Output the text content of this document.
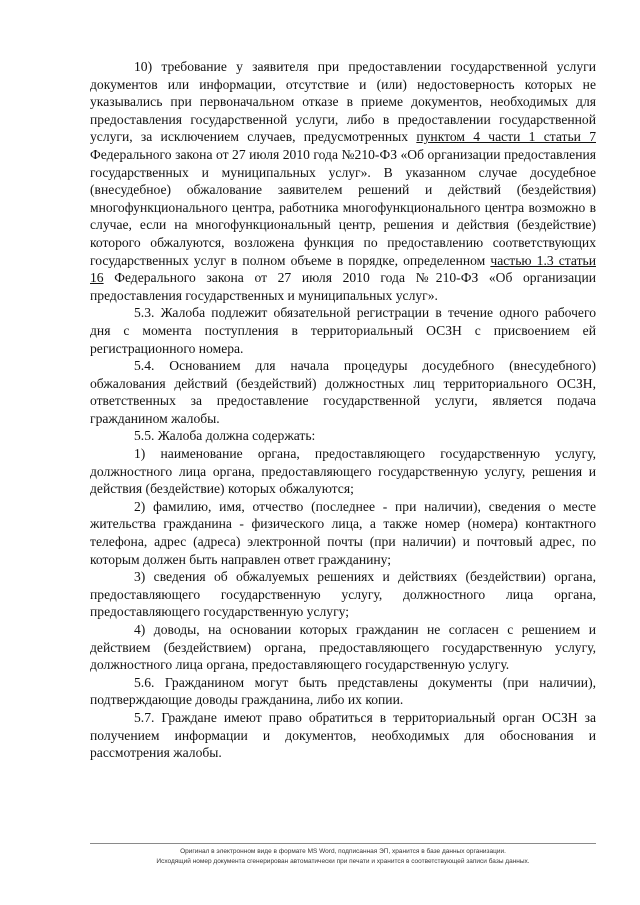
10) требование у заявителя при предоставлении государственной услуги документов или информации, отсутствие и (или) недостоверность которых не указывались при первоначальном отказе в приеме документов, необходимых для предоставления государственной услуги, либо в предоставлении государственной услуги, за исключением случаев, предусмотренных пунктом 4 части 1 статьи 7 Федерального закона от 27 июля 2010 года №210-ФЗ «Об организации предоставления государственных и муниципальных услуг». В указанном случае досудебное (внесудебное) обжалование заявителем решений и действий (бездействия) многофункционального центра, работника многофункционального центра возможно в случае, если на многофункциональный центр, решения и действия (бездействие) которого обжалуются, возложена функция по предоставлению соответствующих государственных услуг в полном объеме в порядке, определенном частью 1.3 статьи 16 Федерального закона от 27 июля 2010 года №210-ФЗ «Об организации предоставления государственных и муниципальных услуг».

5.3. Жалоба подлежит обязательной регистрации в течение одного рабочего дня с момента поступления в территориальный ОСЗН с присвоением ей регистрационного номера.

5.4. Основанием для начала процедуры досудебного (внесудебного) обжалования действий (бездействий) должностных лиц территориального ОСЗН, ответственных за предоставление государственной услуги, является подача гражданином жалобы.

5.5. Жалоба должна содержать:

1) наименование органа, предоставляющего государственную услугу, должностного лица органа, предоставляющего государственную услугу, решения и действия (бездействие) которых обжалуются;

2) фамилию, имя, отчество (последнее - при наличии), сведения о месте жительства гражданина - физического лица, а также номер (номера) контактного телефона, адрес (адреса) электронной почты (при наличии) и почтовый адрес, по которым должен быть направлен ответ гражданину;

3) сведения об обжалуемых решениях и действиях (бездействии) органа, предоставляющего государственную услугу, должностного лица органа, предоставляющего государственную услугу;

4) доводы, на основании которых гражданин не согласен с решением и действием (бездействием) органа, предоставляющего государственную услугу, должностного лица органа, предоставляющего государственную услугу.

5.6. Гражданином могут быть представлены документы (при наличии), подтверждающие доводы гражданина, либо их копии.

5.7. Граждане имеют право обратиться в территориальный орган ОСЗН за получением информации и документов, необходимых для обоснования и рассмотрения жалобы.

Оригинал в электронном виде в формате MS Word, подписанная ЭП, хранится в базе данных организации.
Исходящий номер документа сгенерирован автоматически при печати и хранится в соответствующей записи базы данных.
